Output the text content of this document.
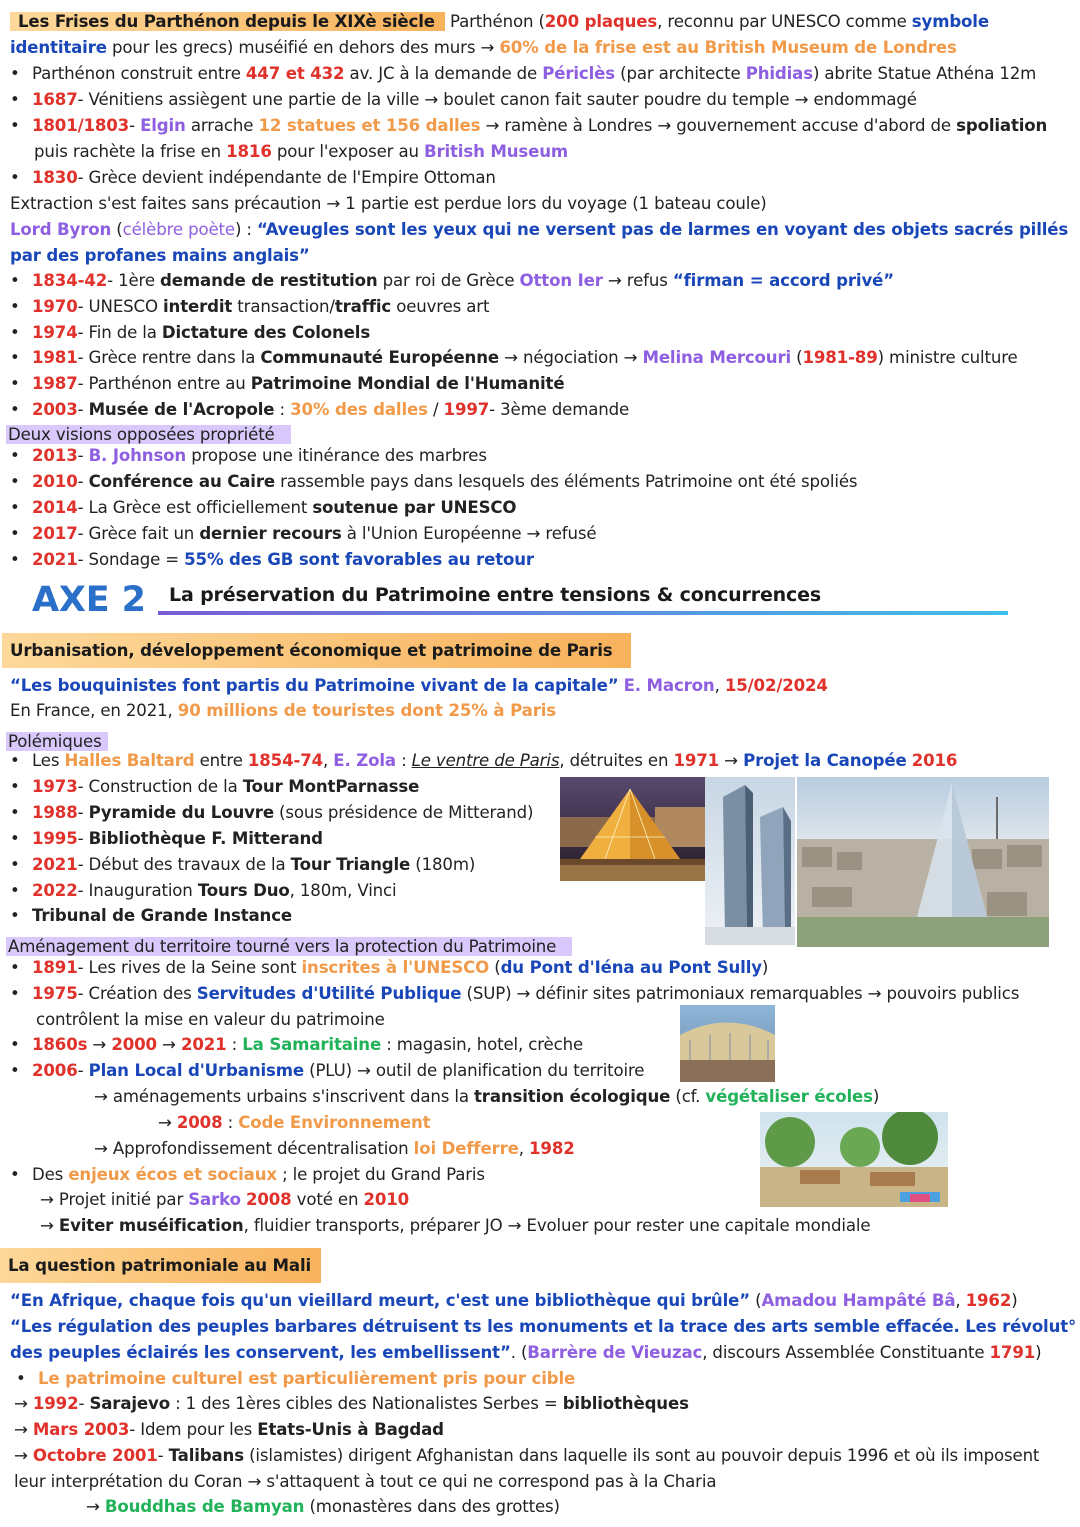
Les Frises du Parthénon depuis le XIXè siècle Parthénon (200 plaques, reconnu par UNESCO comme symbole
identitaire pour les grecs) muséifié en dehors des murs → 60% de la frise est au British Museum de Londres
• Parthénon construit entre 447 et 432 av. JC à la demande de Périclès (par architecte Phidias) abrite Statue Athéna 12m
• 1687- Vénitiens assiègent une partie de la ville → boulet canon fait sauter poudre du temple → endommagé
• 1801/1803- Elgin arrache 12 statues et 156 dalles → ramène à Londres → gouvernement accuse d'abord de spoliation
puis rachète la frise en 1816 pour l'exposer au British Museum
• 1830- Grèce devient indépendante de l'Empire Ottoman
Extraction s'est faites sans précaution → 1 partie est perdue lors du voyage (1 bateau coule)
Lord Byron (célèbre poète) : “Aveugles sont les yeux qui ne versent pas de larmes en voyant des objets sacrés pillés
par des profanes mains anglais”
• 1834-42- 1ère demande de restitution par roi de Grèce Otton Ier → refus “firman = accord privé”
• 1970- UNESCO interdit transaction/traffic oeuvres art
• 1974- Fin de la Dictature des Colonels
• 1981- Grèce rentre dans la Communauté Européenne → négociation → Melina Mercouri (1981-89) ministre culture
• 1987- Parthénon entre au Patrimoine Mondial de l'Humanité
• 2003- Musée de l'Acropole : 30% des dalles / 1997- 3ème demande
Deux visions opposées propriété
• 2013- B. Johnson propose une itinérance des marbres
• 2010- Conférence au Caire rassemble pays dans lesquels des éléments Patrimoine ont été spoliés
• 2014- La Grèce est officiellement soutenue par UNESCO
• 2017- Grèce fait un dernier recours à l'Union Européenne → refusé
• 2021- Sondage = 55% des GB sont favorables au retour
AXE 2 La préservation du Patrimoine entre tensions & concurrences
Urbanisation, développement économique et patrimoine de Paris
“Les bouquinistes font partis du Patrimoine vivant de la capitale” E. Macron, 15/02/2024
En France, en 2021, 90 millions de touristes dont 25% à Paris
Polémiques
• Les Halles Baltard entre 1854-74, E. Zola : Le ventre de Paris, détruites en 1971 → Projet la Canopée 2016
• 1973- Construction de la Tour MontParnasse
• 1988- Pyramide du Louvre (sous présidence de Mitterand)
• 1995- Bibliothèque F. Mitterand
• 2021- Début des travaux de la Tour Triangle (180m)
• 2022- Inauguration Tours Duo, 180m, Vinci
• Tribunal de Grande Instance
Aménagement du territoire tourné vers la protection du Patrimoine
• 1891- Les rives de la Seine sont inscrites à l'UNESCO (du Pont d'Iéna au Pont Sully)
• 1975- Création des Servitudes d'Utilité Publique (SUP) → définir sites patrimoniaux remarquables → pouvoirs publics
contrôlent la mise en valeur du patrimoine
• 1860s → 2000 → 2021 : La Samaritaine : magasin, hotel, crèche
• 2006- Plan Local d'Urbanisme (PLU) → outil de planification du territoire
→ aménagements urbains s'inscrivent dans la transition écologique (cf. végétaliser écoles)
→ 2008 : Code Environnement
→ Approfondissement décentralisation loi Defferre, 1982
• Des enjeux écos et sociaux ; le projet du Grand Paris
→ Projet initié par Sarko 2008 voté en 2010
→ Eviter muséification, fluidier transports, préparer JO → Evoluer pour rester une capitale mondiale
La question patrimoniale au Mali
“En Afrique, chaque fois qu'un vieillard meurt, c'est une bibliothèque qui brûle” (Amadou Hampâté Bâ, 1962)
“Les régulation des peuples barbares détruisent ts les monuments et la trace des arts semble effacée. Les révolut°
des peuples éclairés les conservent, les embellissent”. (Barrère de Vieuzac, discours Assemblée Constituante 1791)
• Le patrimoine culturel est particulièrement pris pour cible
→ 1992- Sarajevo : 1 des 1ères cibles des Nationalistes Serbes = bibliothèques
→ Mars 2003- Idem pour les Etats-Unis à Bagdad
→ Octobre 2001- Talibans (islamistes) dirigent Afghanistan dans laquelle ils sont au pouvoir depuis 1996 et où ils imposent
leur interprétation du Coran → s'attaquent à tout ce qui ne correspond pas à la Charia
→ Bouddhas de Bamyan (monastères dans des grottes)
